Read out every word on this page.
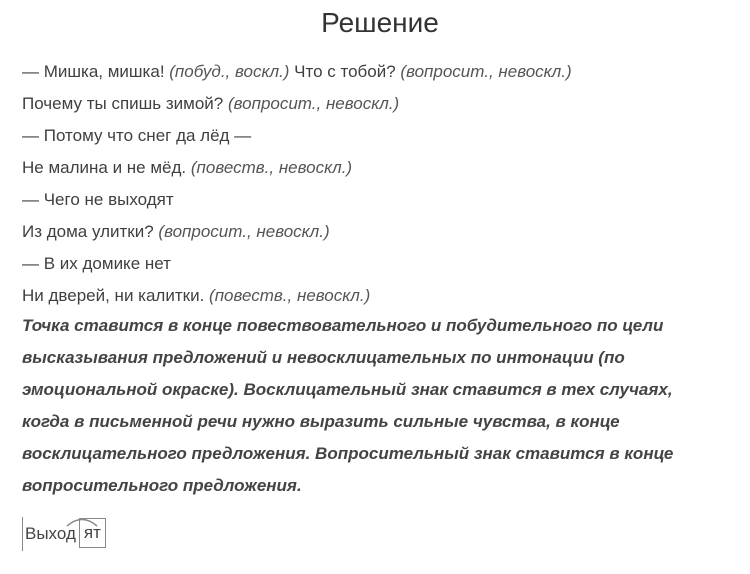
Решение
— Мишка, мишка! (побуд., воскл.) Что с тобой? (вопросит., невоскл.)
Почему ты спишь зимой? (вопросит., невоскл.)
— Потому что снег да лёд —
Не малина и не мёд. (повеств., невоскл.)
— Чего не выходят
Из дома улитки? (вопросит., невоскл.)
— В их домике нет
Ни дверей, ни калитки. (повеств., невоскл.)
Точка ставится в конце повествовательного и побудительного по цели высказывания предложений и невосклицательных по интонации (по эмоциональной окраске). Восклицательный знак ставится в тех случаях, когда в письменной речи нужно выразить сильные чувства, в конце восклицательного предложения. Вопросительный знак ставится в конце вопросительного предложения.
Выход ят
